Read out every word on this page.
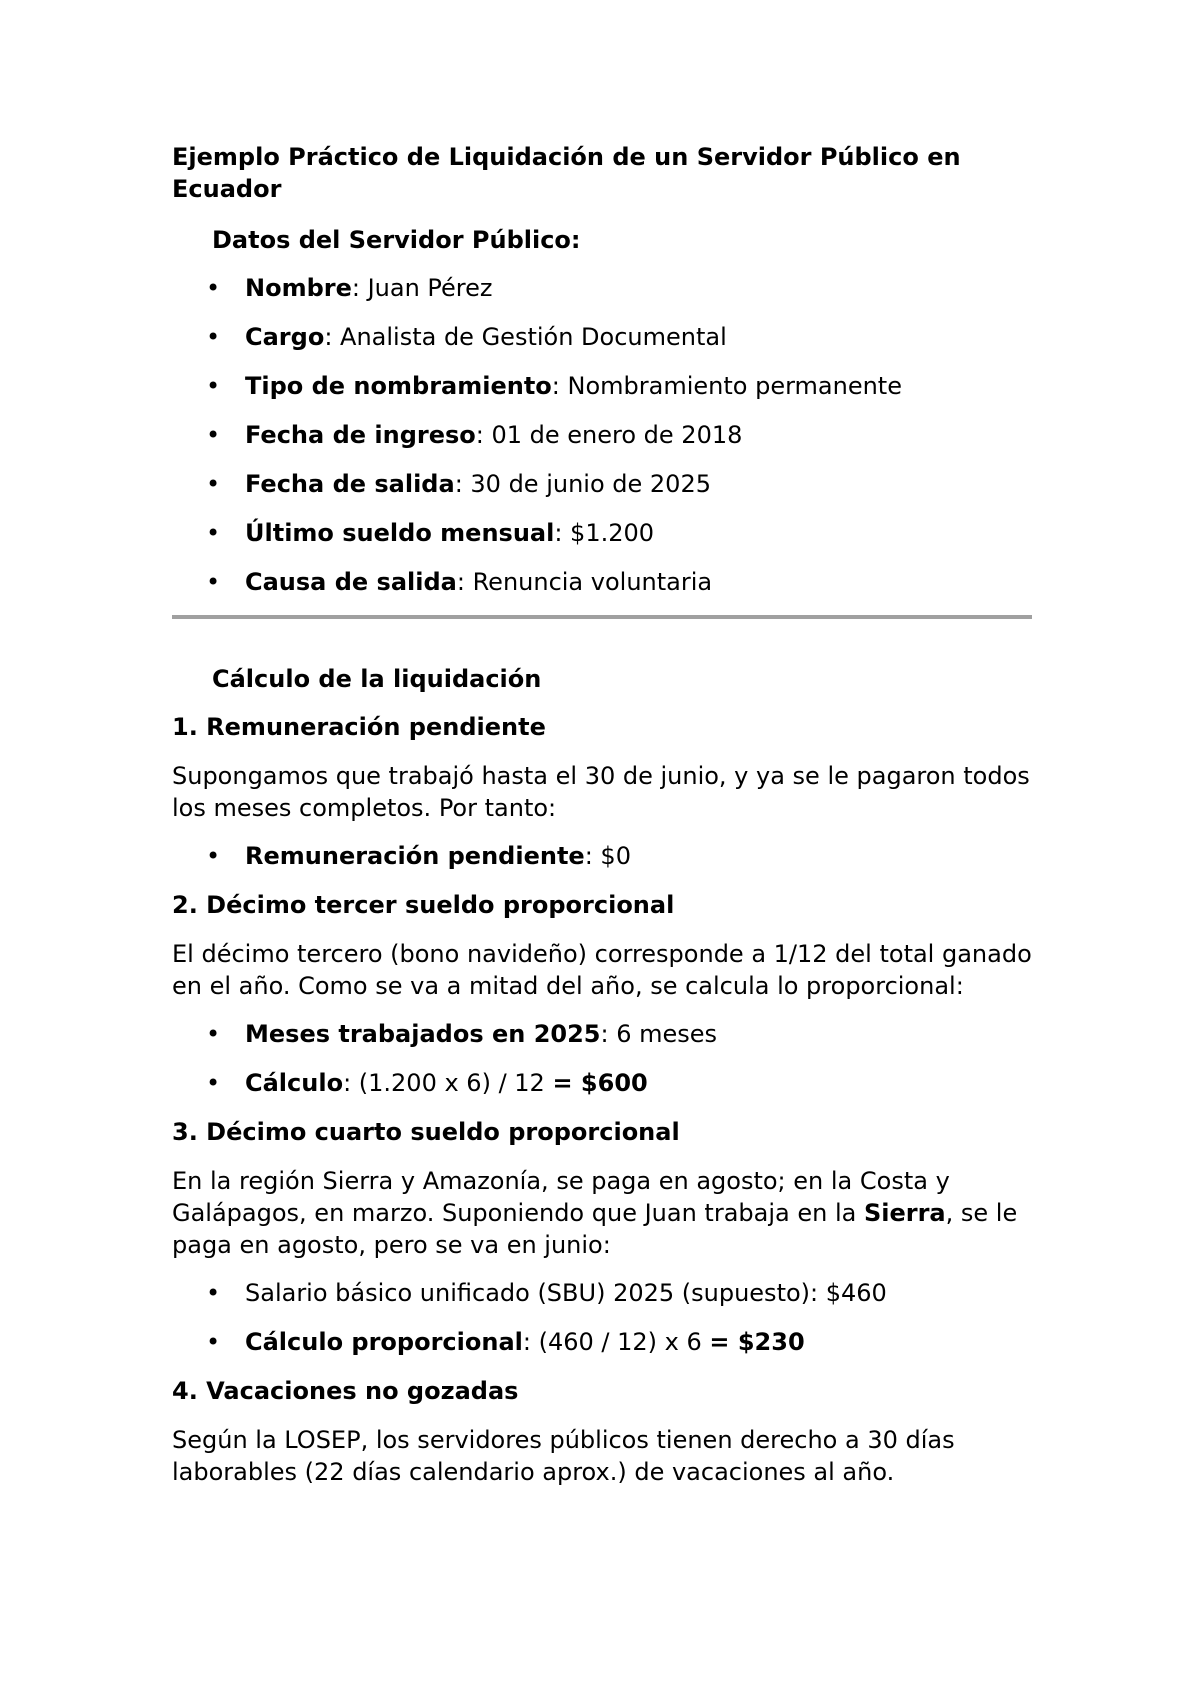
Ejemplo Práctico de Liquidación de un Servidor Público en Ecuador
Datos del Servidor Público:
• Nombre: Juan Pérez
• Cargo: Analista de Gestión Documental
• Tipo de nombramiento: Nombramiento permanente
• Fecha de ingreso: 01 de enero de 2018
• Fecha de salida: 30 de junio de 2025
• Último sueldo mensual: $1.200
• Causa de salida: Renuncia voluntaria
Cálculo de la liquidación
1. Remuneración pendiente

Supongamos que trabajó hasta el 30 de junio, y ya se le pagaron todos los meses completos. Por tanto:

• Remuneración pendiente: $0
2. Décimo tercer sueldo proporcional

El décimo tercero (bono navideño) corresponde a 1/12 del total ganado en el año. Como se va a mitad del año, se calcula lo proporcional:

• Meses trabajados en 2025: 6 meses
• Cálculo: (1.200 x 6) / 12 = $600
3. Décimo cuarto sueldo proporcional

En la región Sierra y Amazonía, se paga en agosto; en la Costa y Galápagos, en marzo. Suponiendo que Juan trabaja en la Sierra, se le paga en agosto, pero se va en junio:

• Salario básico unificado (SBU) 2025 (supuesto): $460
• Cálculo proporcional: (460 / 12) x 6 = $230
4. Vacaciones no gozadas

Según la LOSEP, los servidores públicos tienen derecho a 30 días laborables (22 días calendario aprox.) de vacaciones al año.
